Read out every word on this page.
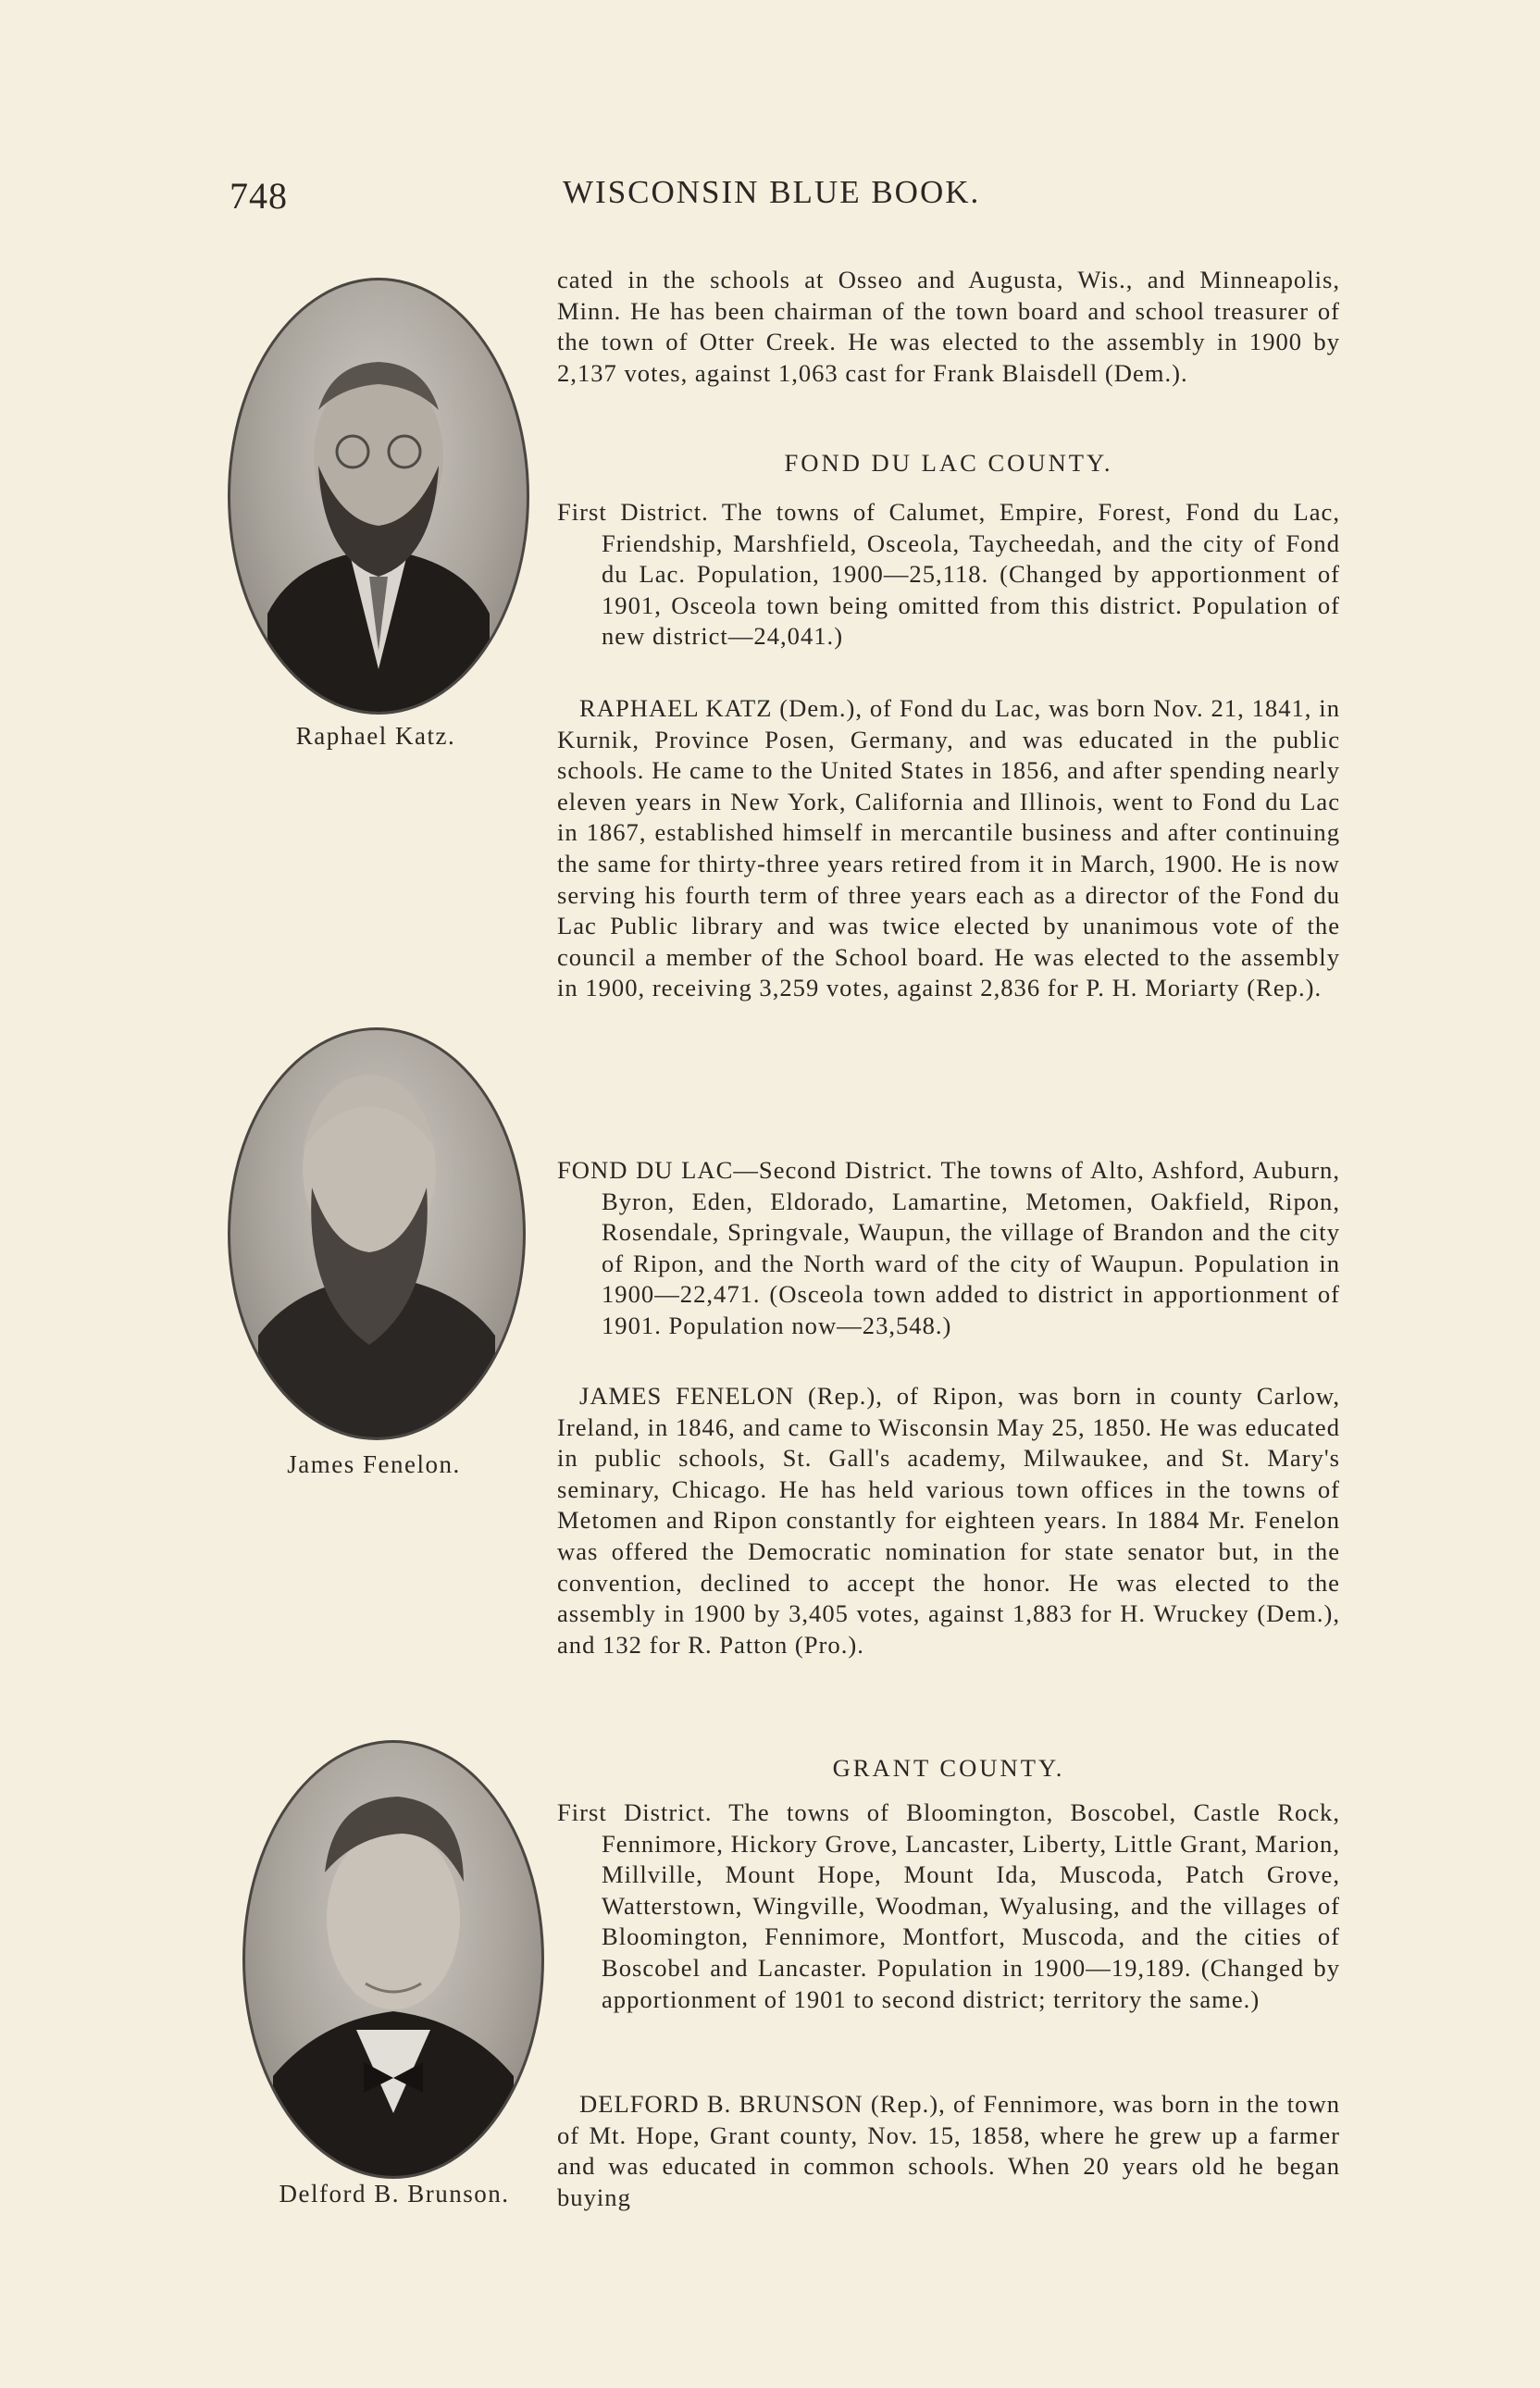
748	WISCONSIN BLUE BOOK.
Raphael Katz.
James Fenelon.
Delford B. Brunson.

cated in the schools at Osseo and Augusta, Wis., and Minneapolis, Minn. He has been chairman of the town board and school treasurer of the town of Otter Creek. He was elected to the assembly in 1900 by 2,137 votes, against 1,063 cast for Frank Blaisdell (Dem.).

FOND DU LAC COUNTY.

First District. The towns of Calumet, Empire, Forest, Fond du Lac, Friendship, Marshfield, Osceola, Taycheedah, and the city of Fond du Lac. Population, 1900—25,118. (Changed by apportionment of 1901, Osceola town being omitted from this district. Population of new district—24,041.)

RAPHAEL KATZ (Dem.), of Fond du Lac, was born Nov. 21, 1841, in Kurnik, Province Posen, Germany, and was educated in the public schools. He came to the United States in 1856, and after spending nearly eleven years in New York, California and Illinois, went to Fond du Lac in 1867, established himself in mercantile business and after continuing the same for thirty-three years retired from it in March, 1900. He is now serving his fourth term of three years each as a director of the Fond du Lac Public library and was twice elected by unanimous vote of the council a member of the School board. He was elected to the assembly in 1900, receiving 3,259 votes, against 2,836 for P. H. Moriarty (Rep.).

FOND DU LAC—Second District. The towns of Alto, Ashford, Auburn, Byron, Eden, Eldorado, Lamartine, Metomen, Oakfield, Ripon, Rosendale, Springvale, Waupun, the village of Brandon and the city of Ripon, and the North ward of the city of Waupun. Population in 1900—22,471. (Osceola town added to district in apportionment of 1901. Population now—23,548.)

JAMES FENELON (Rep.), of Ripon, was born in county Carlow, Ireland, in 1846, and came to Wisconsin May 25, 1850. He was educated in public schools, St. Gall's academy, Milwaukee, and St. Mary's seminary, Chicago. He has held various town offices in the towns of Metomen and Ripon constantly for eighteen years. In 1884 Mr. Fenelon was offered the Democratic nomination for state senator but, in the convention, declined to accept the honor. He was elected to the assembly in 1900 by 3,405 votes, against 1,883 for H. Wruckey (Dem.), and 132 for R. Patton (Pro.).

GRANT COUNTY.

First District. The towns of Bloomington, Boscobel, Castle Rock, Fennimore, Hickory Grove, Lancaster, Liberty, Little Grant, Marion, Millville, Mount Hope, Mount Ida, Muscoda, Patch Grove, Watterstown, Wingville, Woodman, Wyalusing, and the villages of Bloomington, Fennimore, Montfort, Muscoda, and the cities of Boscobel and Lancaster. Population in 1900—19,189. (Changed by apportionment of 1901 to second district; territory the same.)

DELFORD B. BRUNSON (Rep.), of Fennimore, was born in the town of Mt. Hope, Grant county, Nov. 15, 1858, where he grew up a farmer and was educated in common schools. When 20 years old he began buying
